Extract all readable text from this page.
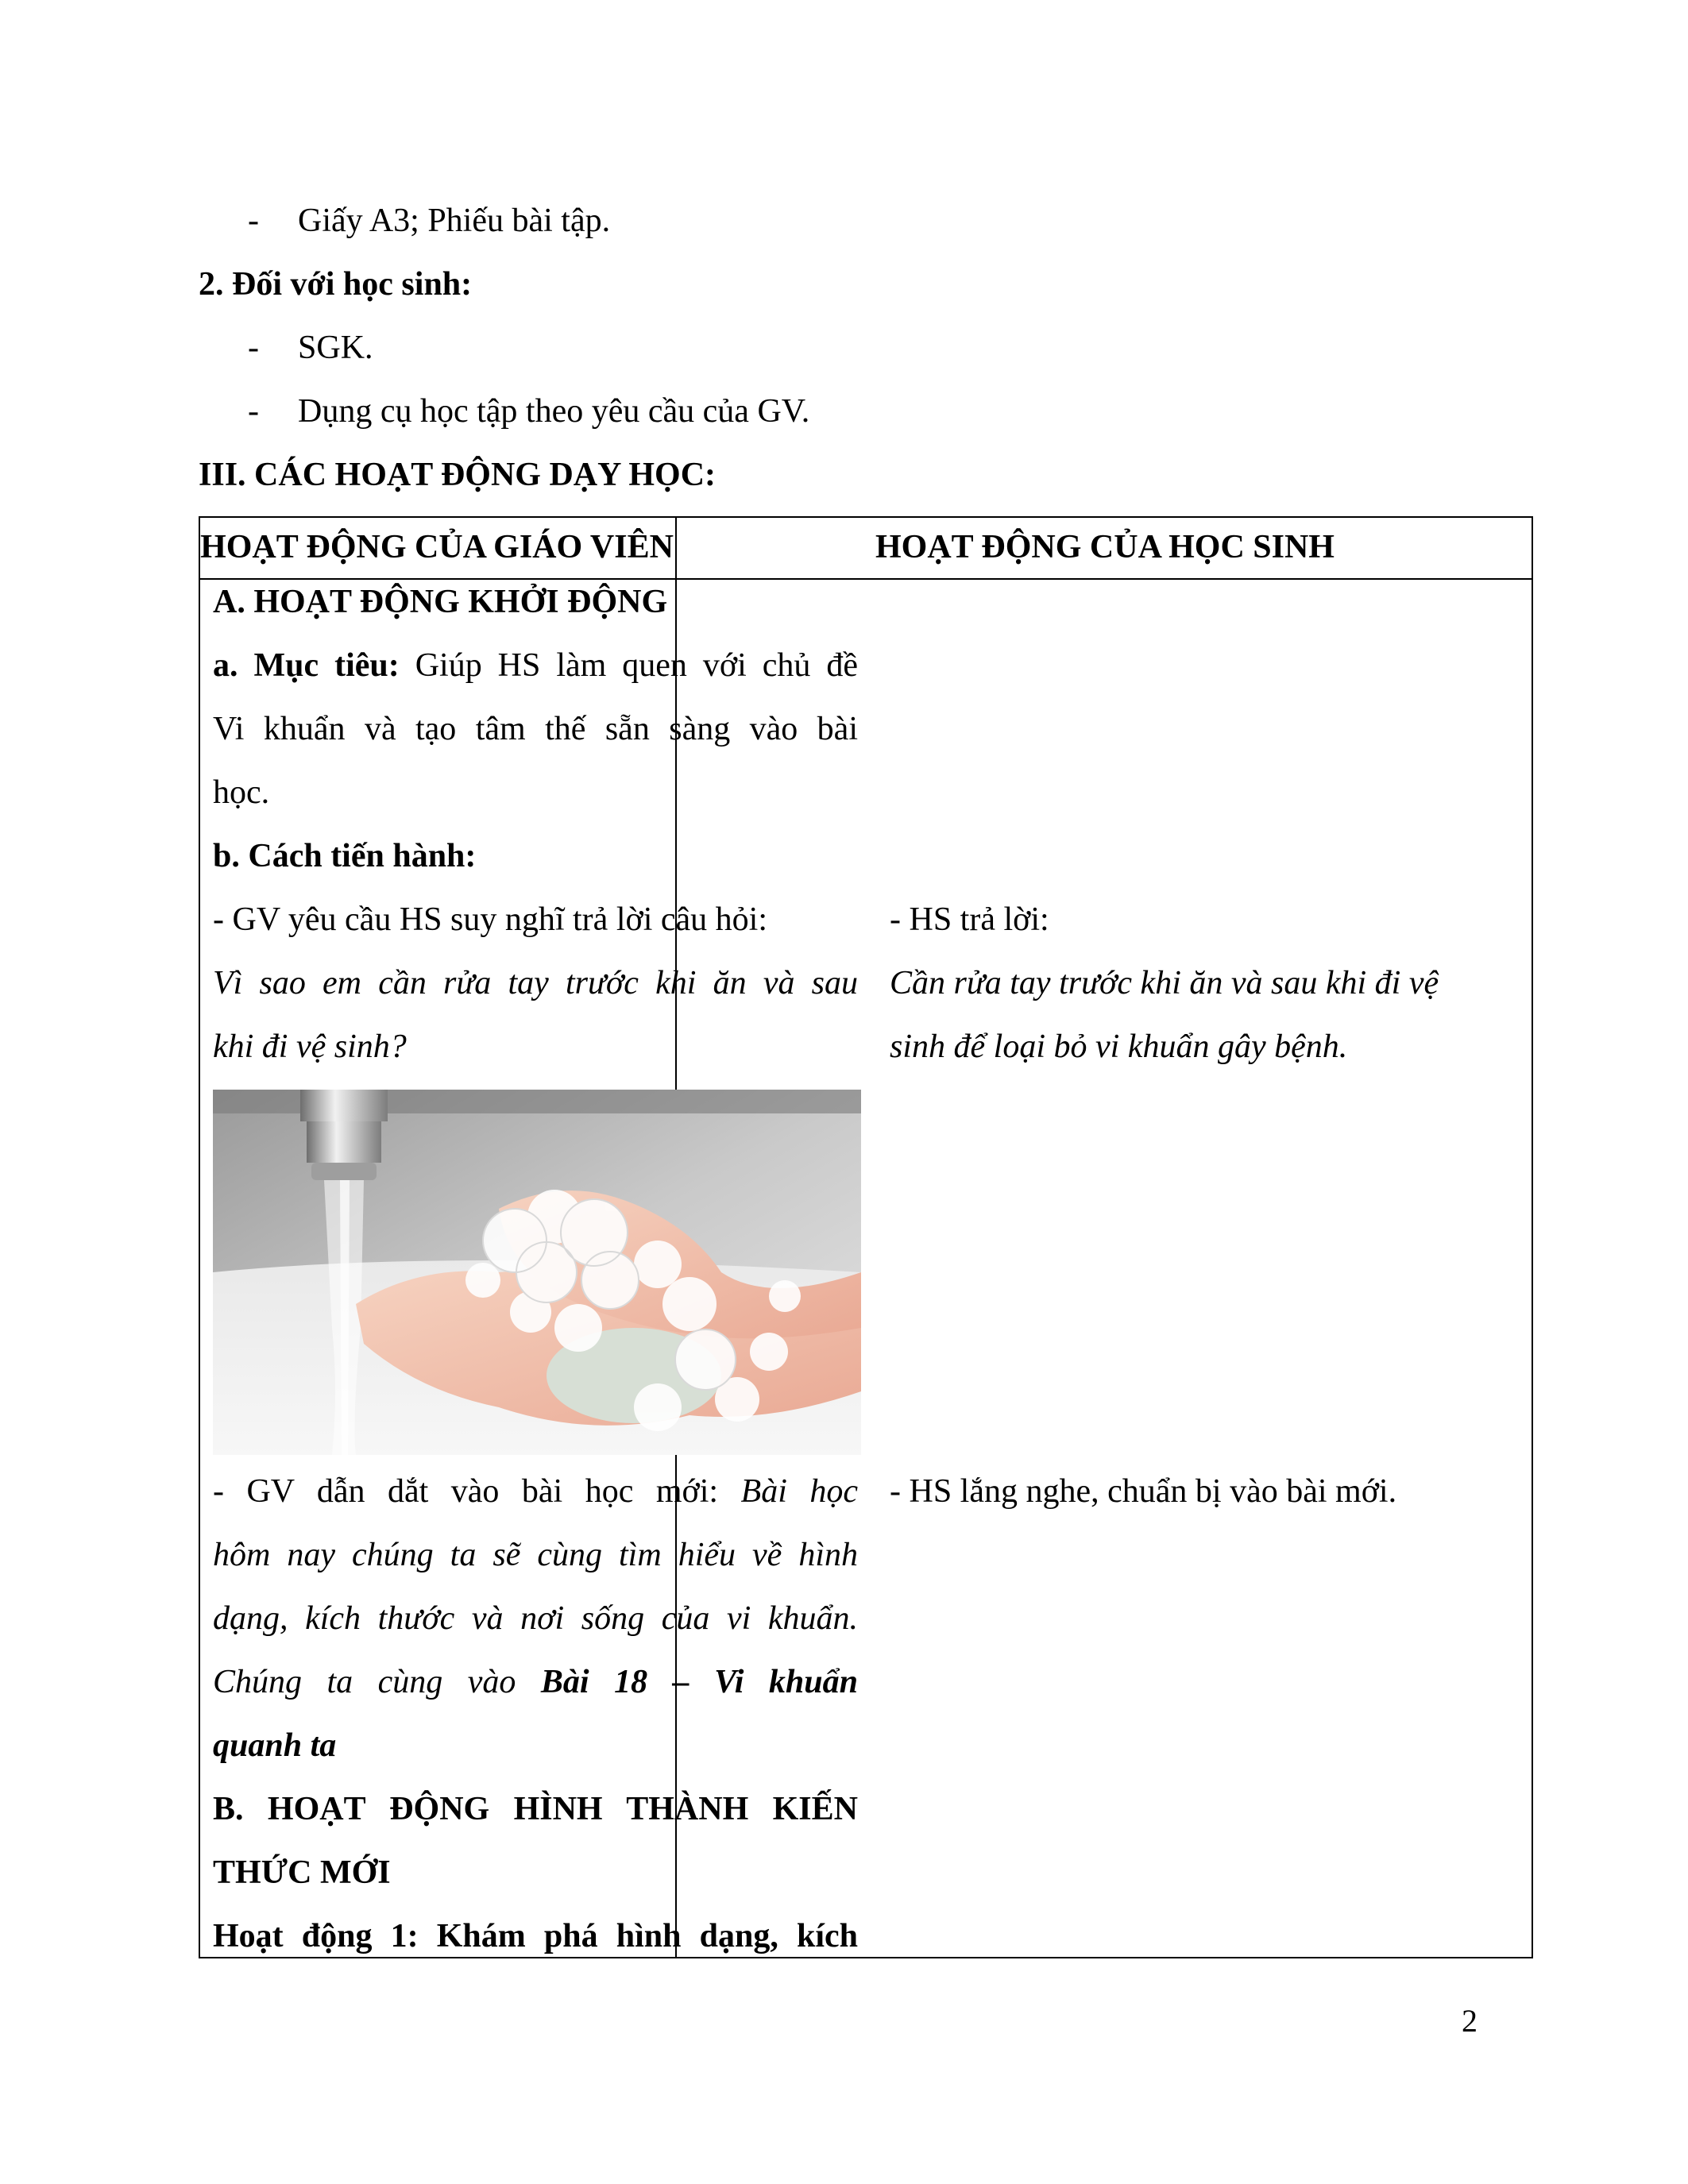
- Giấy A3; Phiếu bài tập.
2. Đối với học sinh:
- SGK.
- Dụng cụ học tập theo yêu cầu của GV.
III. CÁC HOẠT ĐỘNG DẠY HỌC:
HOẠT ĐỘNG CỦA GIÁO VIÊN	HOẠT ĐỘNG CỦA HỌC SINH
A. HOẠT ĐỘNG KHỞI ĐỘNG
a. Mục tiêu: Giúp HS làm quen với chủ đề
Vi khuẩn và tạo tâm thế sẵn sàng vào bài
học.
b. Cách tiến hành:
- GV yêu cầu HS suy nghĩ trả lời câu hỏi:
Vì sao em cần rửa tay trước khi ăn và sau
khi đi vệ sinh?
- GV dẫn dắt vào bài học mới: Bài học
hôm nay chúng ta sẽ cùng tìm hiểu về hình
dạng, kích thước và nơi sống của vi khuẩn.
Chúng ta cùng vào Bài 18 – Vi khuẩn
quanh ta
B. HOẠT ĐỘNG HÌNH THÀNH KIẾN
THỨC MỚI
Hoạt động 1: Khám phá hình dạng, kích
- HS trả lời:
Cần rửa tay trước khi ăn và sau khi đi vệ
sinh để loại bỏ vi khuẩn gây bệnh.
- HS lắng nghe, chuẩn bị vào bài mới.
2
